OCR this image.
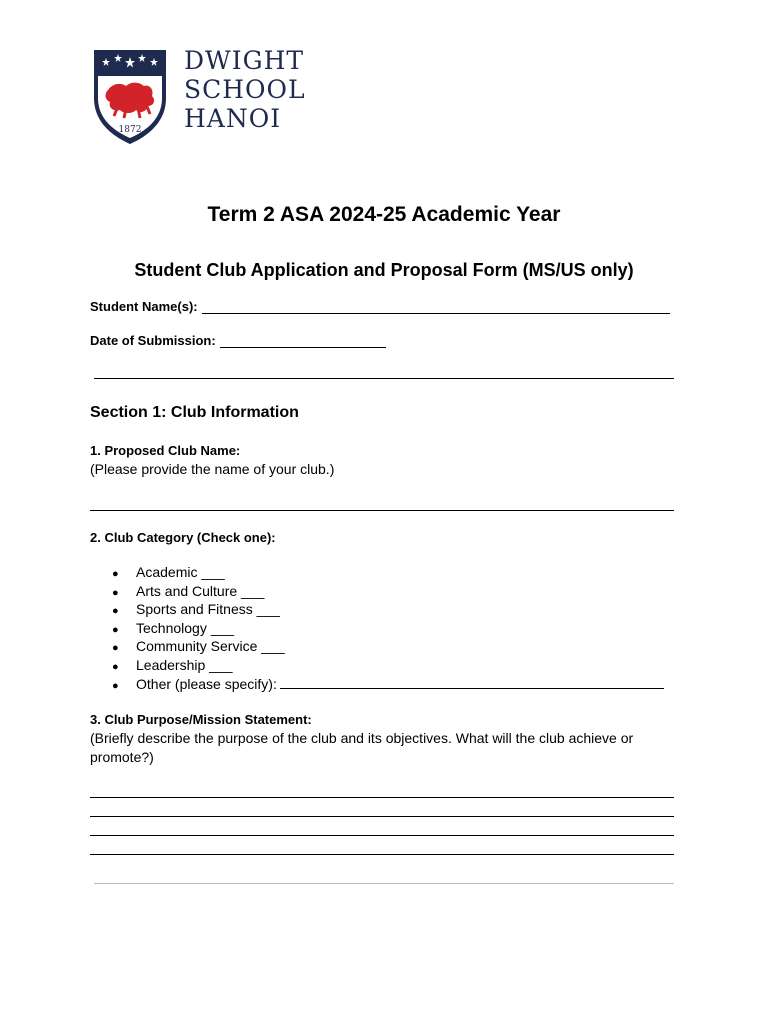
1872
DWIGHT
SCHOOL
HANOI
Term 2 ASA 2024-25 Academic Year
Student Club Application and Proposal Form (MS/US only)
Student Name(s):
Date of Submission:
Section 1: Club Information
1. Proposed Club Name:
(Please provide the name of your club.)
2. Club Category (Check one):
● Academic ___
● Arts and Culture ___
● Sports and Fitness ___
● Technology ___
● Community Service ___
● Leadership ___
● Other (please specify):
3. Club Purpose/Mission Statement:
(Briefly describe the purpose of the club and its objectives. What will the club achieve or promote?)
